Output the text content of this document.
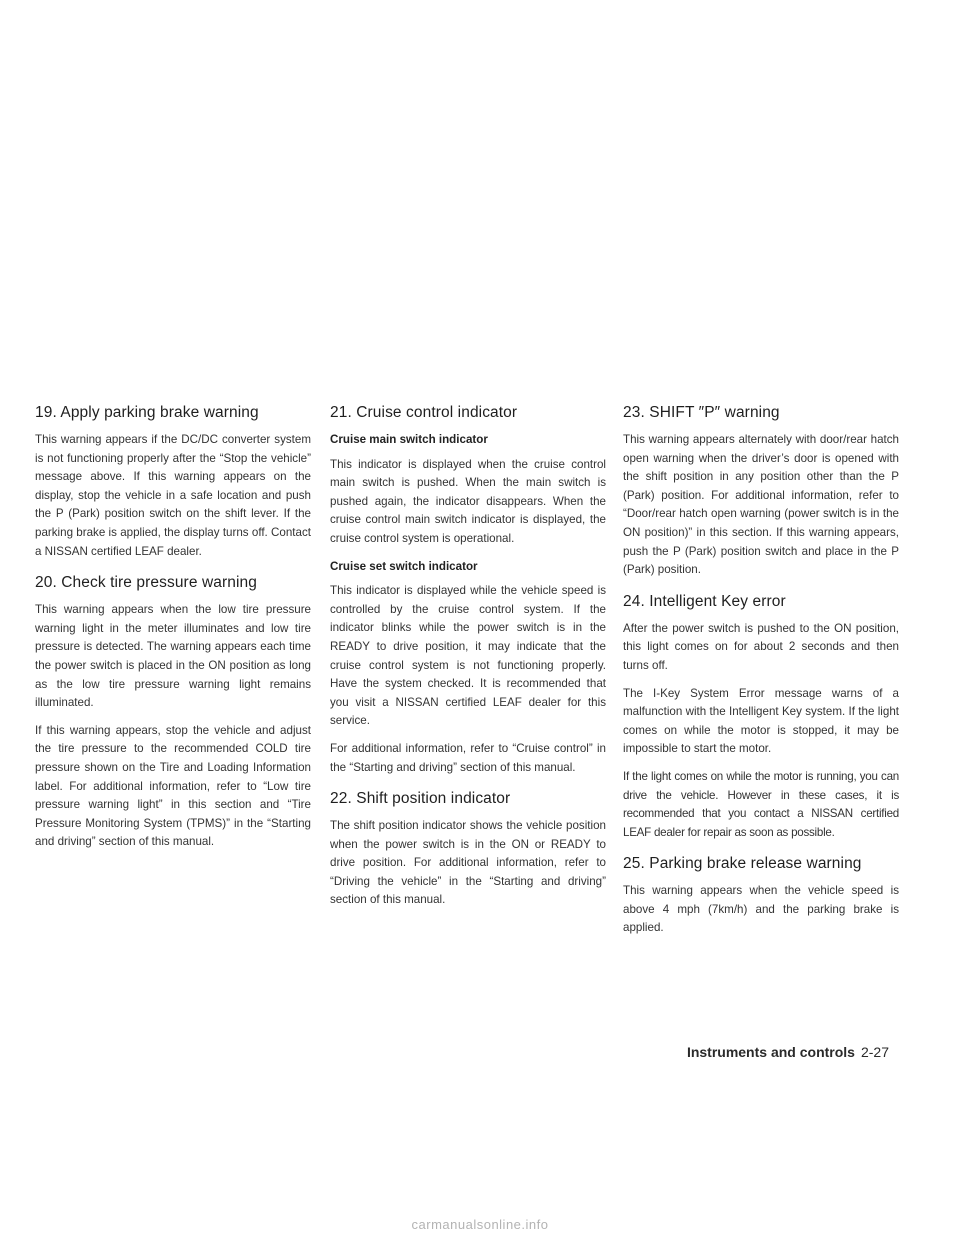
19. Apply parking brake warning

This warning appears if the DC/DC converter system is not functioning properly after the “Stop the vehicle” message above. If this warning appears on the display, stop the vehicle in a safe location and push the P (Park) position switch on the shift lever. If the parking brake is applied, the display turns off. Contact a NISSAN certified LEAF dealer.

20. Check tire pressure warning

This warning appears when the low tire pressure warning light in the meter illuminates and low tire pressure is detected. The warning appears each time the power switch is placed in the ON position as long as the low tire pressure warning light remains illuminated.

If this warning appears, stop the vehicle and adjust the tire pressure to the recommended COLD tire pressure shown on the Tire and Loading Information label. For additional information, refer to “Low tire pressure warning light” in this section and “Tire Pressure Monitoring System (TPMS)” in the “Starting and driving” section of this manual.

21. Cruise control indicator

Cruise main switch indicator

This indicator is displayed when the cruise control main switch is pushed. When the main switch is pushed again, the indicator disappears. When the cruise control main switch indicator is displayed, the cruise control system is operational.

Cruise set switch indicator

This indicator is displayed while the vehicle speed is controlled by the cruise control system. If the indicator blinks while the power switch is in the READY to drive position, it may indicate that the cruise control system is not functioning properly. Have the system checked. It is recommended that you visit a NISSAN certified LEAF dealer for this service.

For additional information, refer to “Cruise control” in the “Starting and driving” section of this manual.

22. Shift position indicator

The shift position indicator shows the vehicle position when the power switch is in the ON or READY to drive position. For additional information, refer to “Driving the vehicle” in the “Starting and driving” section of this manual.

23. SHIFT ″P″ warning

This warning appears alternately with door/rear hatch open warning when the driver’s door is opened with the shift position in any position other than the P (Park) position. For additional information, refer to “Door/rear hatch open warning (power switch is in the ON position)” in this section. If this warning appears, push the P (Park) position switch and place in the P (Park) position.

24. Intelligent Key error

After the power switch is pushed to the ON position, this light comes on for about 2 seconds and then turns off.

The I-Key System Error message warns of a malfunction with the Intelligent Key system. If the light comes on while the motor is stopped, it may be impossible to start the motor.

If the light comes on while the motor is running, you can drive the vehicle. However in these cases, it is recommended that you contact a NISSAN certified LEAF dealer for repair as soon as possible.

25. Parking brake release warning

This warning appears when the vehicle speed is above 4 mph (7km/h) and the parking brake is applied.

Instruments and controls 2-27
carmanualsonline.info
